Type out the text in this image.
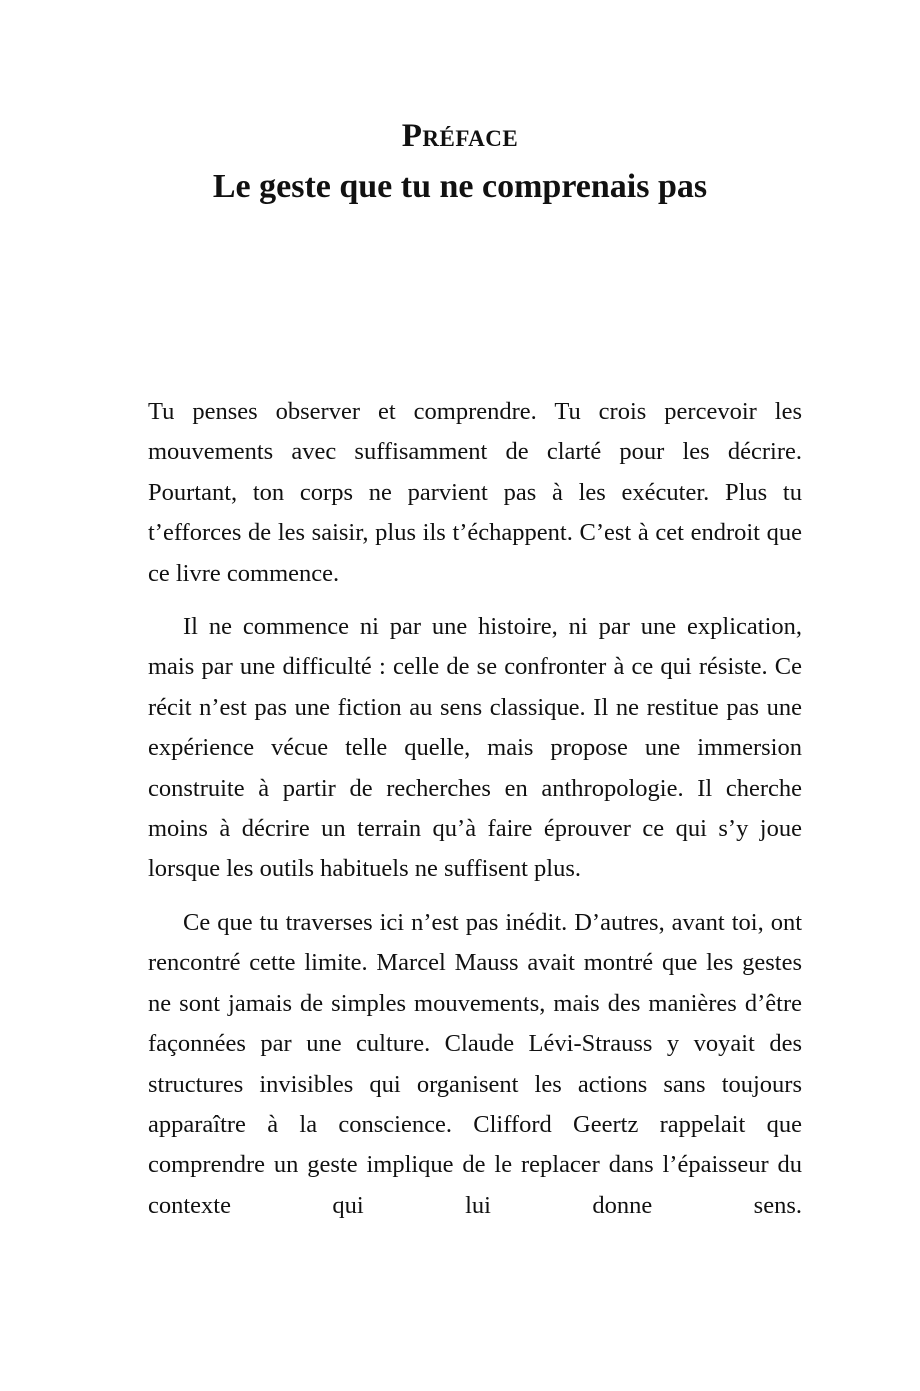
Préface
Le geste que tu ne comprenais pas

Tu penses observer et comprendre. Tu crois percevoir les mouvements avec suffisamment de clarté pour les décrire. Pourtant, ton corps ne parvient pas à les exécuter. Plus tu t’efforces de les saisir, plus ils t’échappent. C’est à cet endroit que ce livre commence.

Il ne commence ni par une histoire, ni par une explication, mais par une difficulté : celle de se confronter à ce qui résiste. Ce récit n’est pas une fiction au sens classique. Il ne restitue pas une expérience vécue telle quelle, mais propose une immersion construite à partir de recherches en anthropologie. Il cherche moins à décrire un terrain qu’à faire éprouver ce qui s’y joue lorsque les outils habituels ne suffisent plus.

Ce que tu traverses ici n’est pas inédit. D’autres, avant toi, ont rencontré cette limite. Marcel Mauss avait montré que les gestes ne sont jamais de simples mouvements, mais des manières d’être façonnées par une culture. Claude Lévi-Strauss y voyait des structures invisibles qui organisent les actions sans toujours apparaître à la conscience. Clifford Geertz rappelait que comprendre un geste implique de le replacer dans l’épaisseur du contexte qui lui donne sens.
